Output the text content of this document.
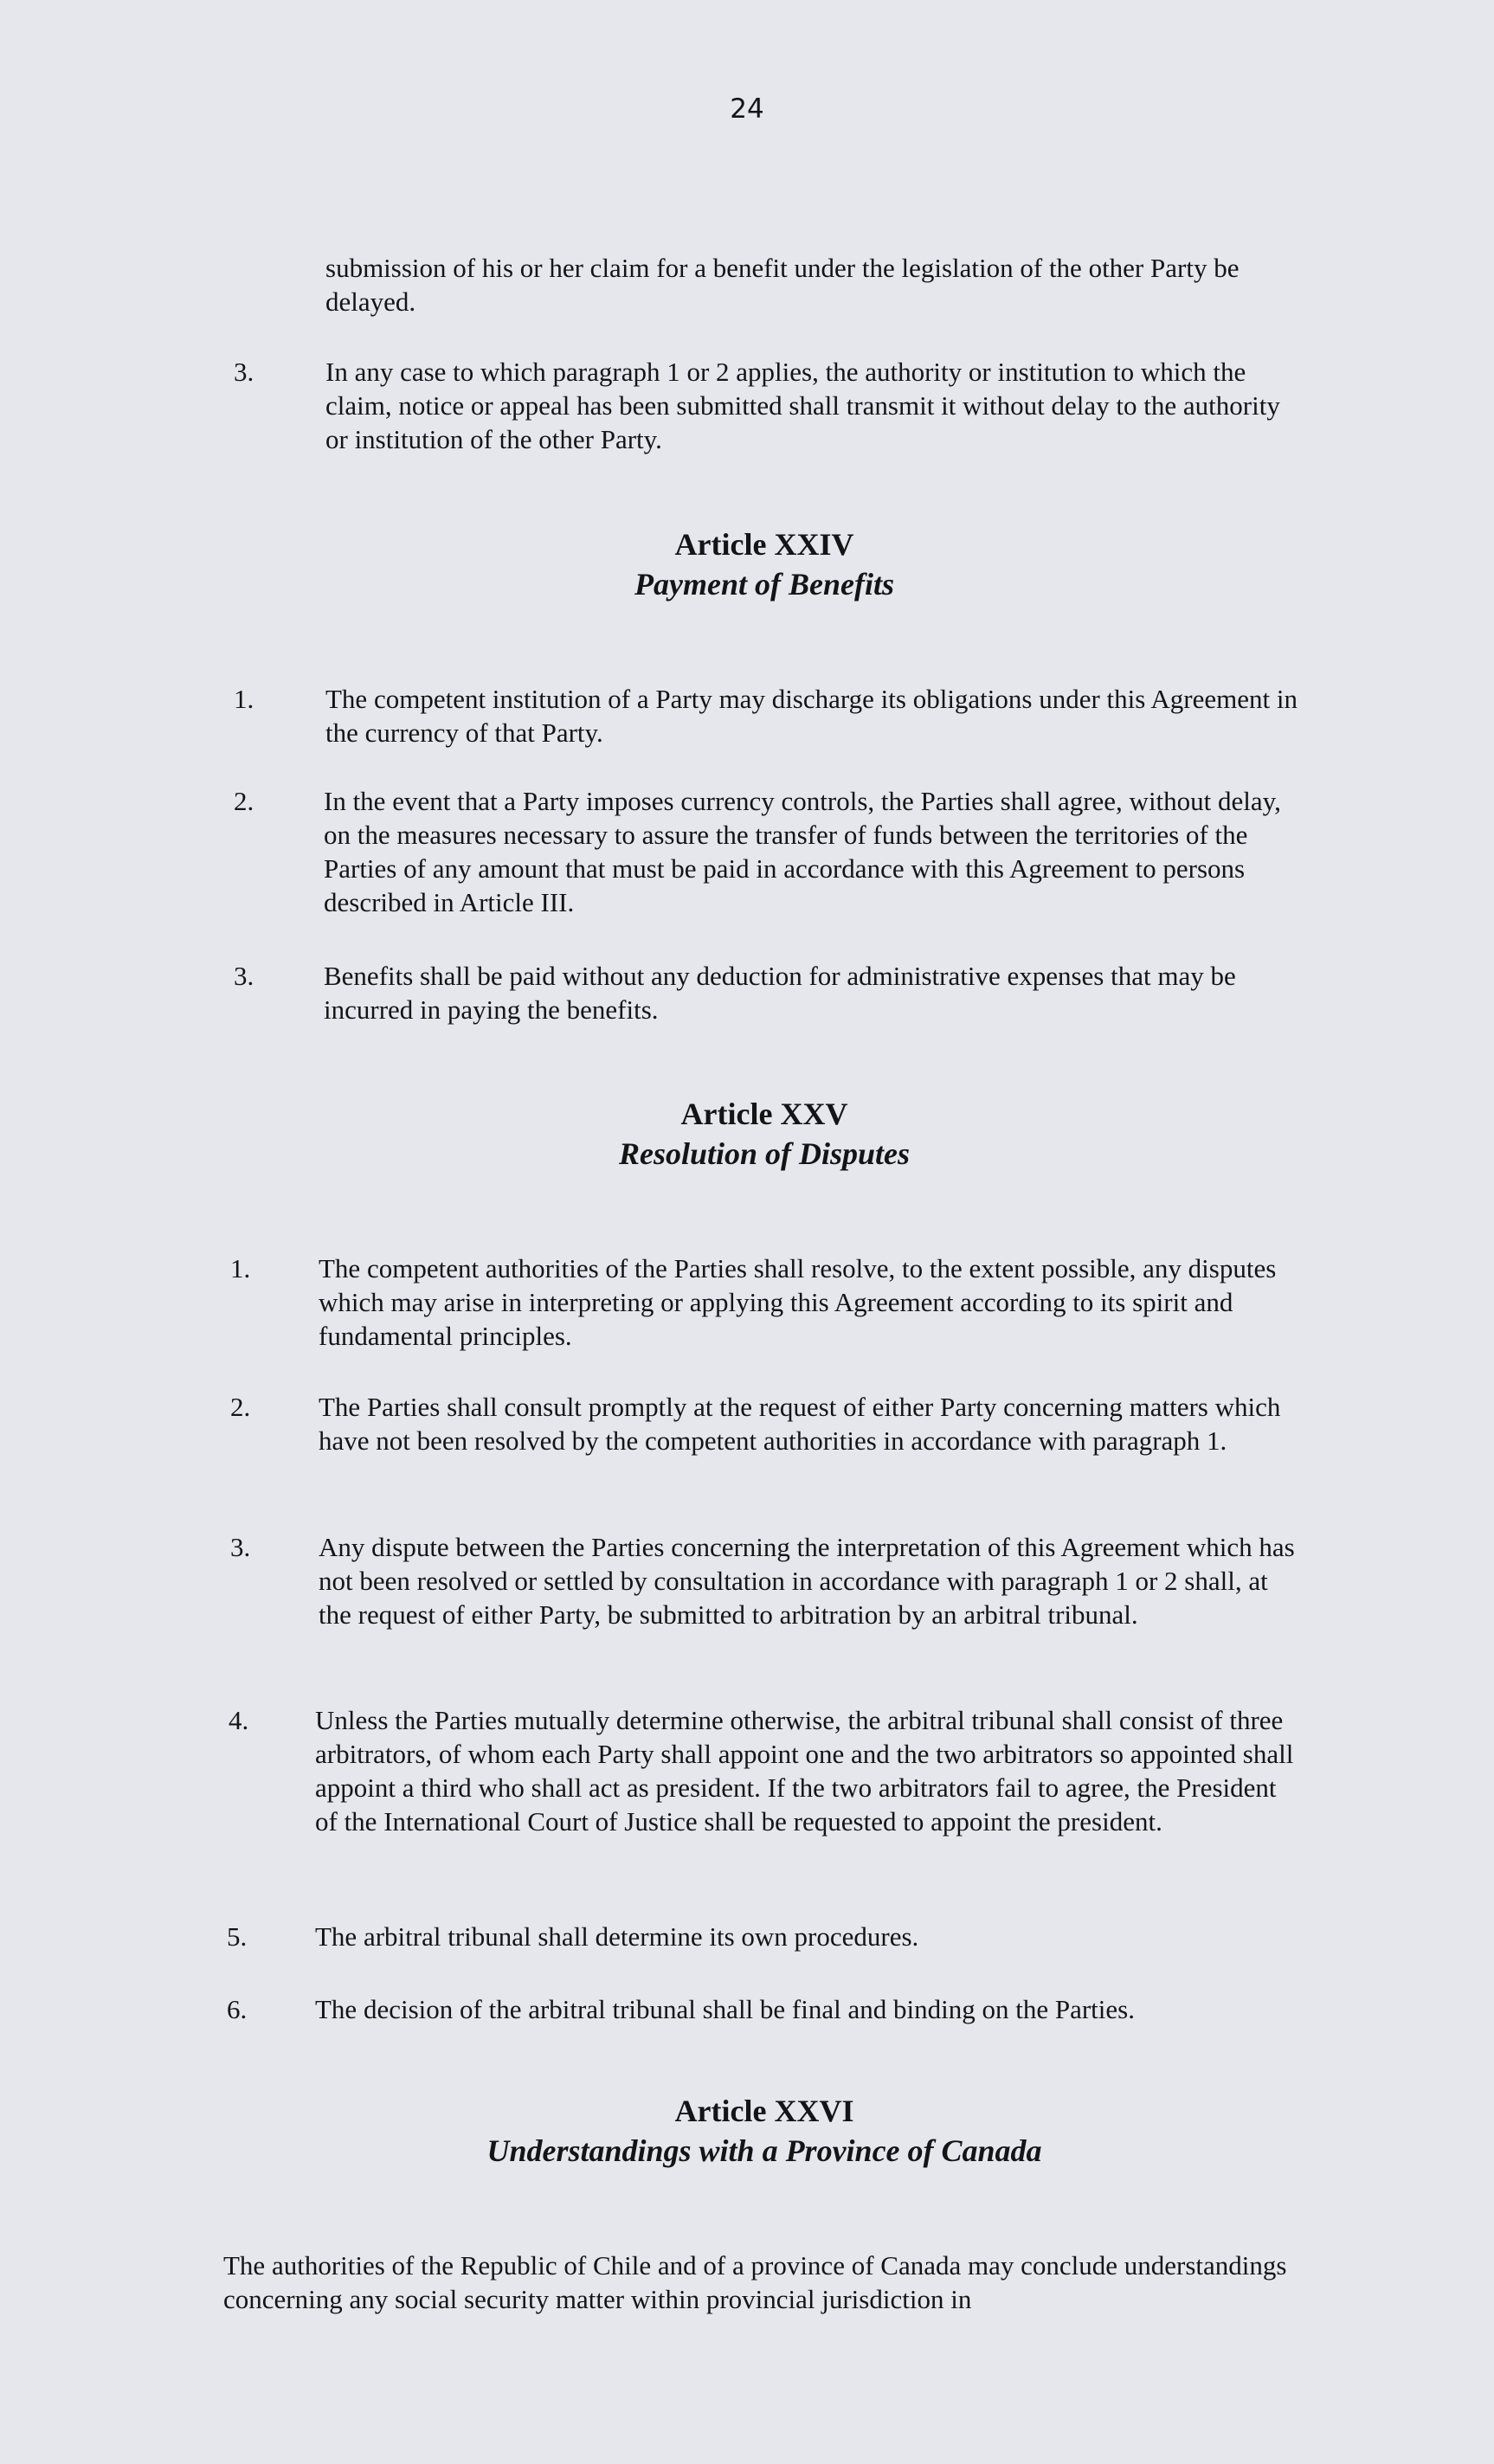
24
submission of his or her claim for a benefit under the legislation of the other Party be delayed.
3.	In any case to which paragraph 1 or 2 applies, the authority or institution to which the claim, notice or appeal has been submitted shall transmit it without delay to the authority or institution of the other Party.
Article XXIV
Payment of Benefits
1.	The competent institution of a Party may discharge its obligations under this Agreement in the currency of that Party.
2.	In the event that a Party imposes currency controls, the Parties shall agree, without delay, on the measures necessary to assure the transfer of funds between the territories of the Parties of any amount that must be paid in accordance with this Agreement to persons described in Article III.
3.	Benefits shall be paid without any deduction for administrative expenses that may be incurred in paying the benefits.
Article XXV
Resolution of Disputes
1.	The competent authorities of the Parties shall resolve, to the extent possible, any disputes which may arise in interpreting or applying this Agreement according to its spirit and fundamental principles.
2.	The Parties shall consult promptly at the request of either Party concerning matters which have not been resolved by the competent authorities in accordance with paragraph 1.
3.	Any dispute between the Parties concerning the interpretation of this Agreement which has not been resolved or settled by consultation in accordance with paragraph 1 or 2 shall, at the request of either Party, be submitted to arbitration by an arbitral tribunal.
4. Unless the Parties mutually determine otherwise, the arbitral tribunal shall consist of three arbitrators, of whom each Party shall appoint one and the two arbitrators so appointed shall appoint a third who shall act as president. If the two arbitrators fail to agree, the President of the International Court of Justice shall be requested to appoint the president.
5.	The arbitral tribunal shall determine its own procedures.
6.	The decision of the arbitral tribunal shall be final and binding on the Parties.
Article XXVI
Understandings with a Province of Canada
The authorities of the Republic of Chile and of a province of Canada may conclude understandings concerning any social security matter within provincial jurisdiction in
